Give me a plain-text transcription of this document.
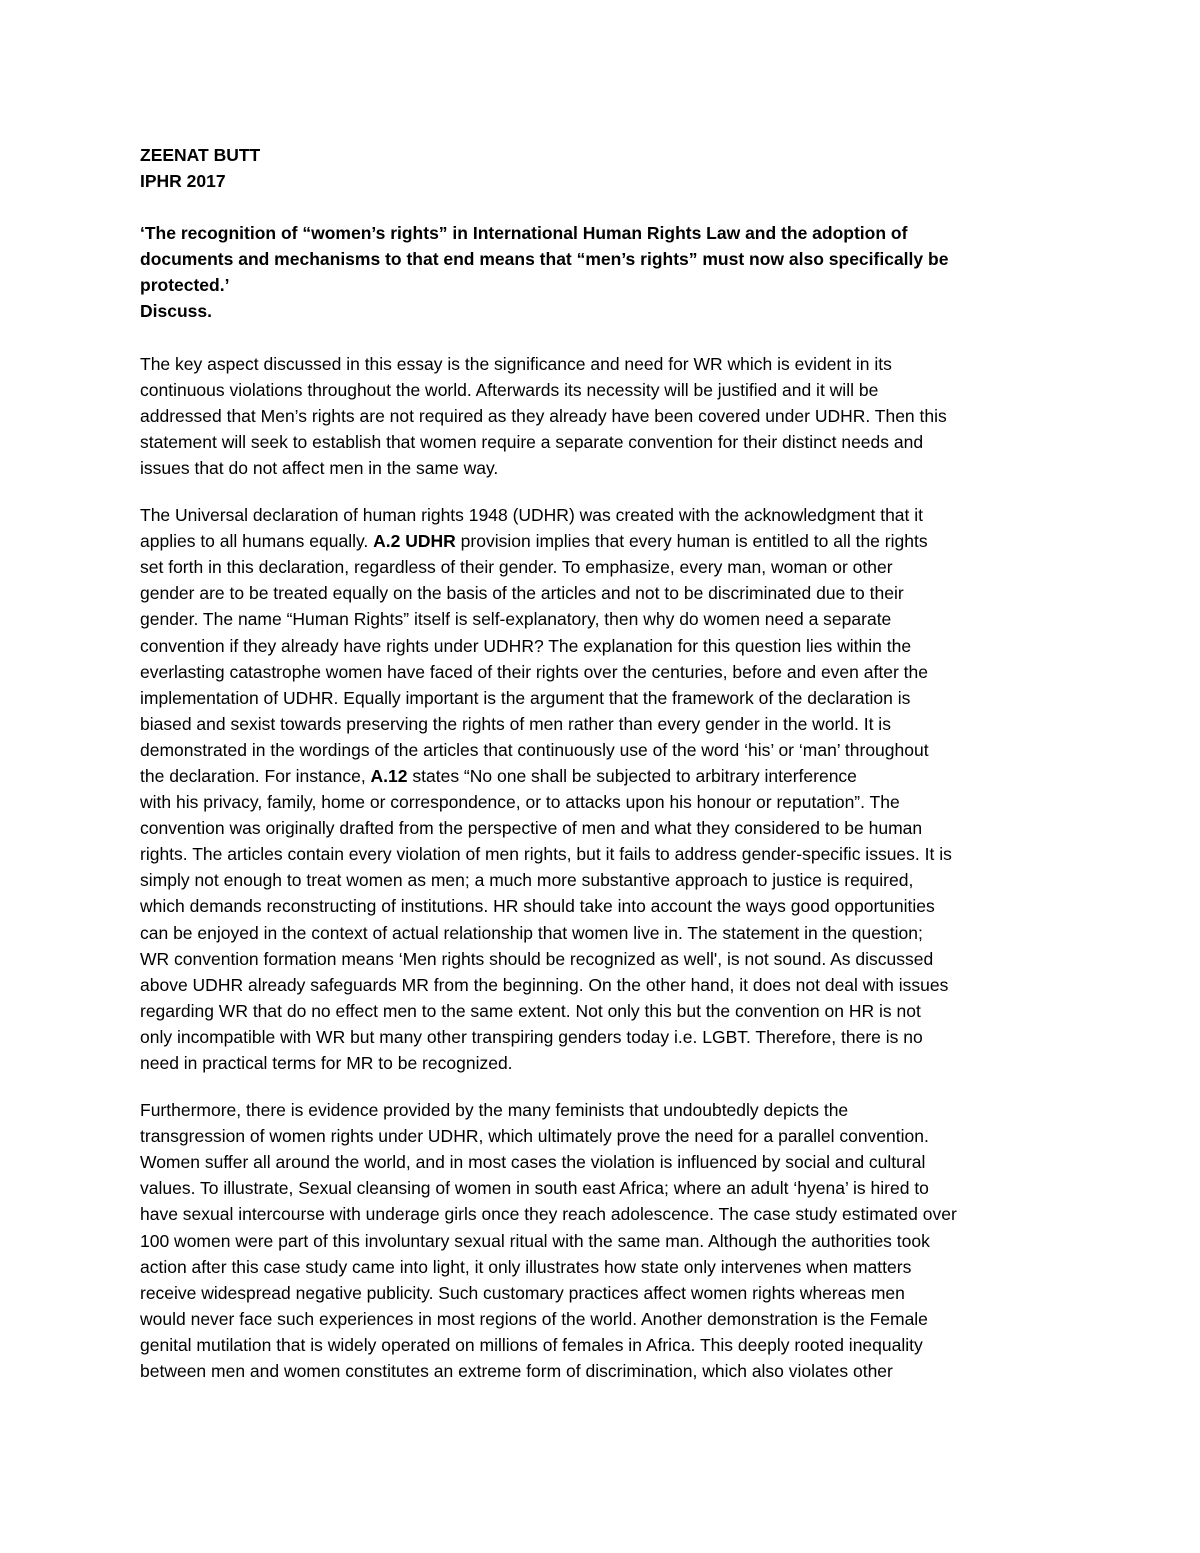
ZEENAT BUTT
IPHR 2017
‘The recognition of “women’s rights” in International Human Rights Law and the adoption of
documents and mechanisms to that end means that “men’s rights” must now also specifically be
protected.’
Discuss.
The key aspect discussed in this essay is the significance and need for WR which is evident in its
continuous violations throughout the world. Afterwards its necessity will be justified and it will be
addressed that Men’s rights are not required as they already have been covered under UDHR. Then this
statement will seek to establish that women require a separate convention for their distinct needs and
issues that do not affect men in the same way.
The Universal declaration of human rights 1948 (UDHR) was created with the acknowledgment that it
applies to all humans equally. A.2 UDHR provision implies that every human is entitled to all the rights
set forth in this declaration, regardless of their gender. To emphasize, every man, woman or other
gender are to be treated equally on the basis of the articles and not to be discriminated due to their
gender. The name “Human Rights” itself is self-explanatory, then why do women need a separate
convention if they already have rights under UDHR? The explanation for this question lies within the
everlasting catastrophe women have faced of their rights over the centuries, before and even after the
implementation of UDHR. Equally important is the argument that the framework of the declaration is
biased and sexist towards preserving the rights of men rather than every gender in the world. It is
demonstrated in the wordings of the articles that continuously use of the word ‘his’ or ‘man’ throughout
the declaration. For instance, A.12 states “No one shall be subjected to arbitrary interference
with his privacy, family, home or correspondence, or to attacks upon his honour or reputation”. The
convention was originally drafted from the perspective of men and what they considered to be human
rights. The articles contain every violation of men rights, but it fails to address gender-specific issues. It is
simply not enough to treat women as men; a much more substantive approach to justice is required,
which demands reconstructing of institutions. HR should take into account the ways good opportunities
can be enjoyed in the context of actual relationship that women live in. The statement in the question;
WR convention formation means ‘Men rights should be recognized as well', is not sound. As discussed
above UDHR already safeguards MR from the beginning. On the other hand, it does not deal with issues
regarding WR that do no effect men to the same extent. Not only this but the convention on HR is not
only incompatible with WR but many other transpiring genders today i.e. LGBT. Therefore, there is no
need in practical terms for MR to be recognized.
Furthermore, there is evidence provided by the many feminists that undoubtedly depicts the
transgression of women rights under UDHR, which ultimately prove the need for a parallel convention.
Women suffer all around the world, and in most cases the violation is influenced by social and cultural
values. To illustrate, Sexual cleansing of women in south east Africa; where an adult ‘hyena’ is hired to
have sexual intercourse with underage girls once they reach adolescence. The case study estimated over
100 women were part of this involuntary sexual ritual with the same man. Although the authorities took
action after this case study came into light, it only illustrates how state only intervenes when matters
receive widespread negative publicity. Such customary practices affect women rights whereas men
would never face such experiences in most regions of the world. Another demonstration is the Female
genital mutilation that is widely operated on millions of females in Africa. This deeply rooted inequality
between men and women constitutes an extreme form of discrimination, which also violates other
